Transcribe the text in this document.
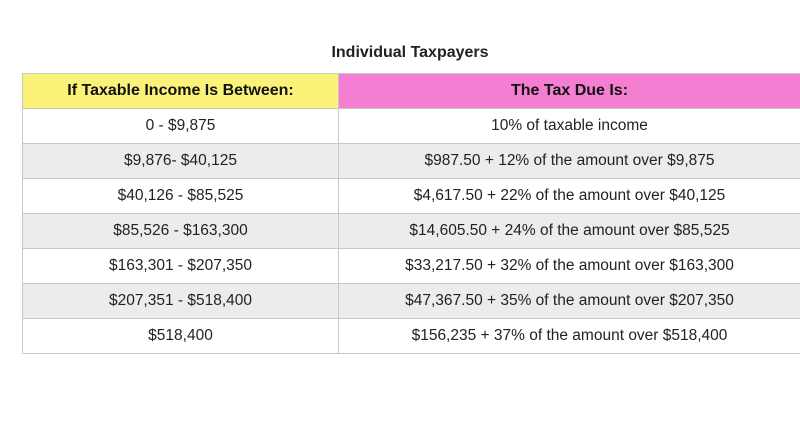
Individual Taxpayers
If Taxable Income Is Between:	The Tax Due Is:
0 - $9,875	10% of taxable income
$9,876- $40,125	$987.50 + 12% of the amount over $9,875
$40,126 - $85,525	$4,617.50 + 22% of the amount over $40,125
$85,526 - $163,300	$14,605.50 + 24% of the amount over $85,525
$163,301 - $207,350	$33,217.50 + 32% of the amount over $163,300
$207,351 - $518,400	$47,367.50 + 35% of the amount over $207,350
$518,400	$156,235 + 37% of the amount over $518,400
